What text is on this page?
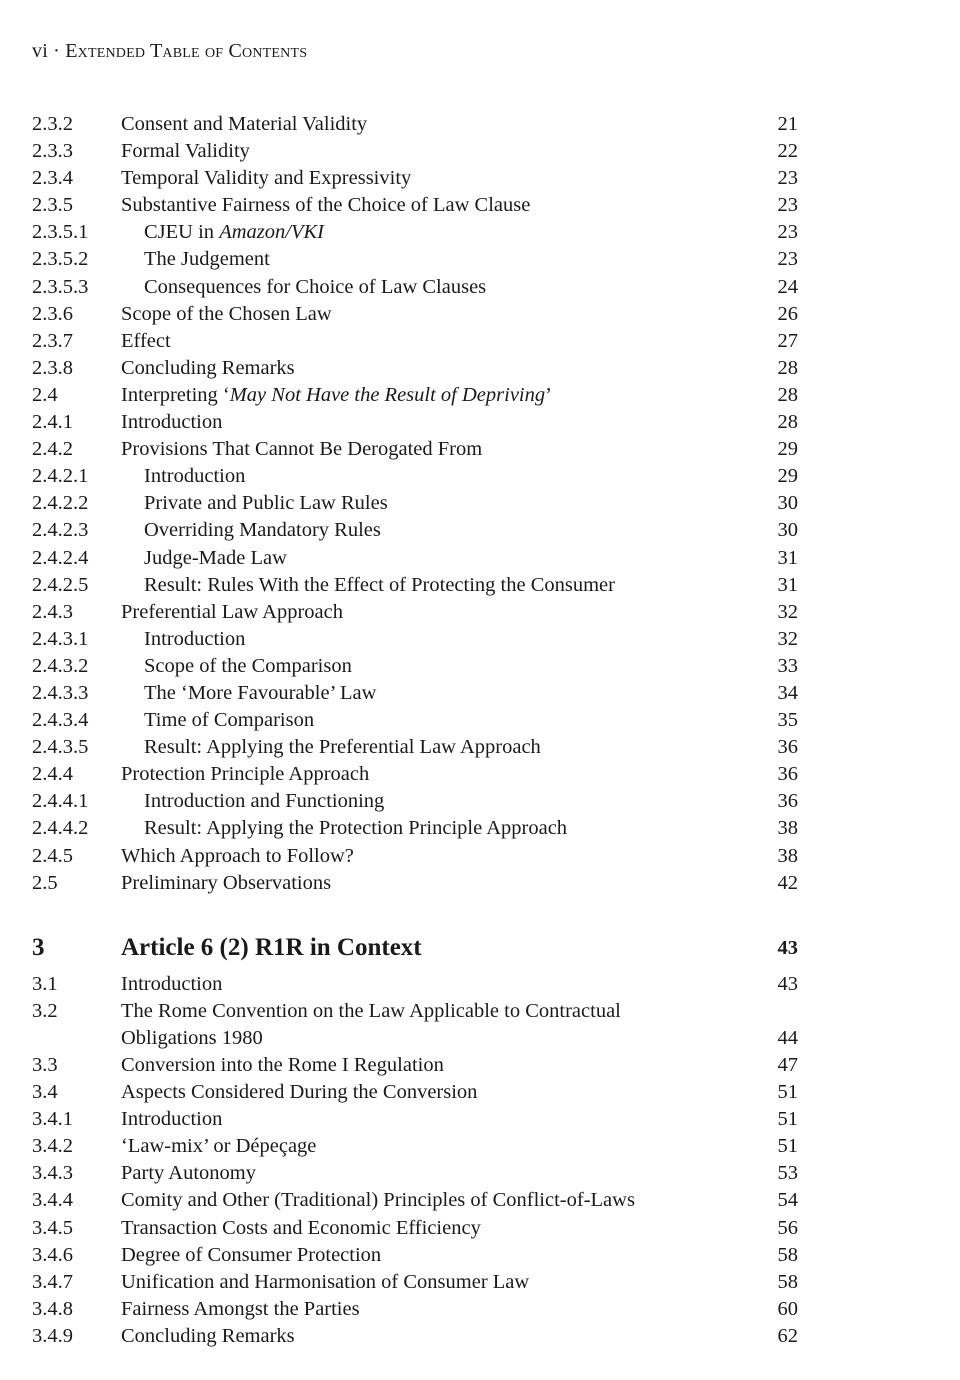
vi · Extended Table of Contents
2.3.2 Consent and Material Validity	21
2.3.3 Formal Validity	22
2.3.4 Temporal Validity and Expressivity	23
2.3.5 Substantive Fairness of the Choice of Law Clause	23
2.3.5.1	CJEU in Amazon/VKI	23
2.3.5.2	The Judgement	23
2.3.5.3	Consequences for Choice of Law Clauses	24
2.3.6 Scope of the Chosen Law	26
2.3.7 Effect	27
2.3.8 Concluding Remarks	28
2.4	Interpreting ‘May Not Have the Result of Depriving’	28
2.4.1 Introduction	28
2.4.2 Provisions That Cannot Be Derogated From	29
2.4.2.1	Introduction	29
2.4.2.2	Private and Public Law Rules	30
2.4.2.3	Overriding Mandatory Rules	30
2.4.2.4	Judge-Made Law	31
2.4.2.5	Result: Rules With the Effect of Protecting the Consumer	31
2.4.3 Preferential Law Approach	32
2.4.3.1	Introduction	32
2.4.3.2	Scope of the Comparison	33
2.4.3.3	The ‘More Favourable’ Law	34
2.4.3.4	Time of Comparison	35
2.4.3.5	Result: Applying the Preferential Law Approach	36
2.4.4 Protection Principle Approach	36
2.4.4.1	Introduction and Functioning	36
2.4.4.2	Result: Applying the Protection Principle Approach	38
2.4.5 Which Approach to Follow?	38
2.5	Preliminary Observations	42
3	Article 6 (2) R1R in Context	43
3.1	Introduction	43
3.2	The Rome Convention on the Law Applicable to Contractual
Obligations 1980	44
3.3	Conversion into the Rome I Regulation	47
3.4	Aspects Considered During the Conversion	51
3.4.1 Introduction	51
3.4.2 ‘Law-mix’ or Dépeçage	51
3.4.3 Party Autonomy	53
3.4.4 Comity and Other (Traditional) Principles of Conflict-of-Laws	54
3.4.5 Transaction Costs and Economic Efficiency	56
3.4.6 Degree of Consumer Protection	58
3.4.7 Unification and Harmonisation of Consumer Law	58
3.4.8 Fairness Amongst the Parties	60
3.4.9 Concluding Remarks	62
